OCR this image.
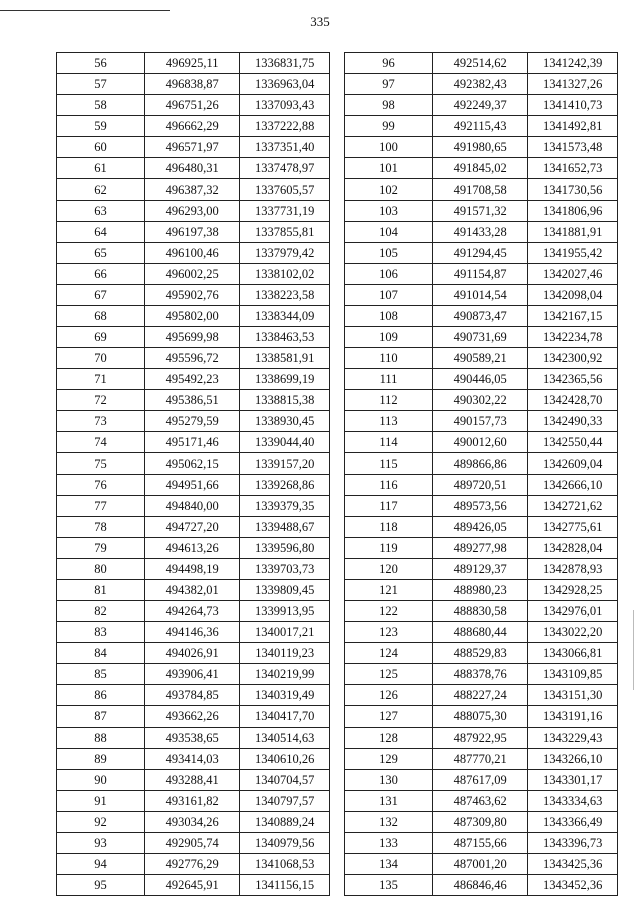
335
56	496925,11	1336831,75
57	496838,87	1336963,04
58	496751,26	1337093,43
59	496662,29	1337222,88
60	496571,97	1337351,40
61	496480,31	1337478,97
62	496387,32	1337605,57
63	496293,00	1337731,19
64	496197,38	1337855,81
65	496100,46	1337979,42
66	496002,25	1338102,02
67	495902,76	1338223,58
68	495802,00	1338344,09
69	495699,98	1338463,53
70	495596,72	1338581,91
71	495492,23	1338699,19
72	495386,51	1338815,38
73	495279,59	1338930,45
74	495171,46	1339044,40
75	495062,15	1339157,20
76	494951,66	1339268,86
77	494840,00	1339379,35
78	494727,20	1339488,67
79	494613,26	1339596,80
80	494498,19	1339703,73
81	494382,01	1339809,45
82	494264,73	1339913,95
83	494146,36	1340017,21
84	494026,91	1340119,23
85	493906,41	1340219,99
86	493784,85	1340319,49
87	493662,26	1340417,70
88	493538,65	1340514,63
89	493414,03	1340610,26
90	493288,41	1340704,57
91	493161,82	1340797,57
92	493034,26	1340889,24
93	492905,74	1340979,56
94	492776,29	1341068,53
95	492645,91	1341156,15
96	492514,62	1341242,39
97	492382,43	1341327,26
98	492249,37	1341410,73
99	492115,43	1341492,81
100	491980,65	1341573,48
101	491845,02	1341652,73
102	491708,58	1341730,56
103	491571,32	1341806,96
104	491433,28	1341881,91
105	491294,45	1341955,42
106	491154,87	1342027,46
107	491014,54	1342098,04
108	490873,47	1342167,15
109	490731,69	1342234,78
110	490589,21	1342300,92
111	490446,05	1342365,56
112	490302,22	1342428,70
113	490157,73	1342490,33
114	490012,60	1342550,44
115	489866,86	1342609,04
116	489720,51	1342666,10
117	489573,56	1342721,62
118	489426,05	1342775,61
119	489277,98	1342828,04
120	489129,37	1342878,93
121	488980,23	1342928,25
122	488830,58	1342976,01
123	488680,44	1343022,20
124	488529,83	1343066,81
125	488378,76	1343109,85
126	488227,24	1343151,30
127	488075,30	1343191,16
128	487922,95	1343229,43
129	487770,21	1343266,10
130	487617,09	1343301,17
131	487463,62	1343334,63
132	487309,80	1343366,49
133	487155,66	1343396,73
134	487001,20	1343425,36
135	486846,46	1343452,36
